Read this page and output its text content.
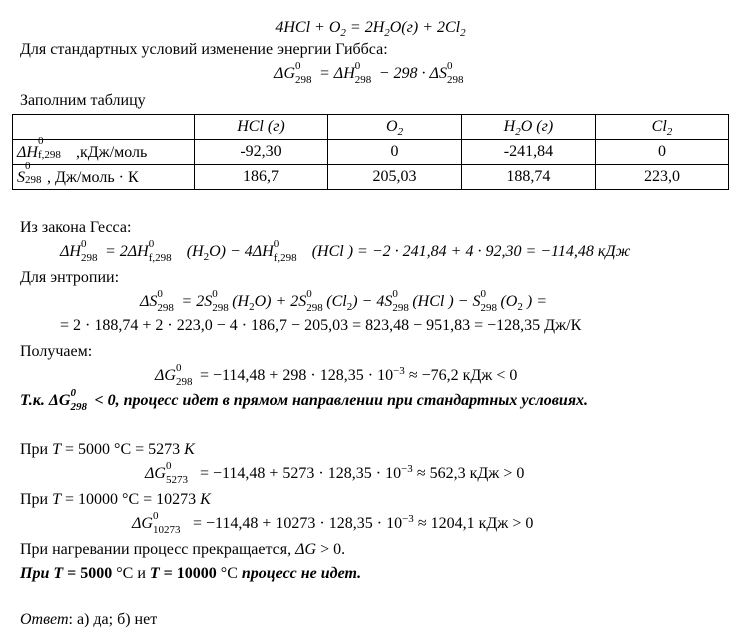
$4HCl + O_2 = 2H_2O(г) + 2Cl_2$
Для стандартных условий изменение энергии Гиббса:
ΔG 0
298 = ΔH 0
298 − 298 · ΔS 0
298
Заполним таблицу
	HCl (г)	$O_2$	$H_2O$ (г)	$Cl_2$
ΔH
0
f,298 ,кДж/моль	-92,30	0	-241,84	0
S
0
298 , Дж/моль · К	186,7	205,03	188,74	223,0
Из закона Гесса:
ΔH 0
298 = 2ΔH 0
f,298 $(H_2O) - 4\Delta H$ 0
f,298 (HCl ) = −2 · 241,84 + 4 · 92,30 = −114,48 кДж
Для энтропии:
ΔS 0
298 = 2S 0
298 $(H_2O) + 2S$ 0
298 $(Cl_2) - 4S$ 0
298 (HCl ) − S 0
298 ($O_2$ ) =
= 2 · 188,74 + 2 · 223,0 − 4 · 186,7 − 205,03 = 823,48 − 951,83 = −128,35 Дж/К
Получаем:
ΔG 0
$298 = -114,48 + 298 \cdot 128,35 \cdot 10^{-3} \approx -76,2$ кДж < 0
Т.к. ΔG 0
298 < 0, процесс идет в прямом направлении при стандартных условиях.
При T = 5000 °C = 5273 K
ΔG 0
$5273 = -114,48 + 5273 \cdot 128,35 \cdot 10^{-3} \approx 562,3$ кДж > 0
При T = 10000 °C = 10273 K
ΔG 0
$10273 = -114,48 + 10273 \cdot 128,35 \cdot 10^{-3} \approx 1204,1$ кДж > 0
При нагревании процесс прекращается, ΔG > 0.
При T = 5000 °C и T = 10000 °C процесс не идет.
Ответ: а) да; б) нет
